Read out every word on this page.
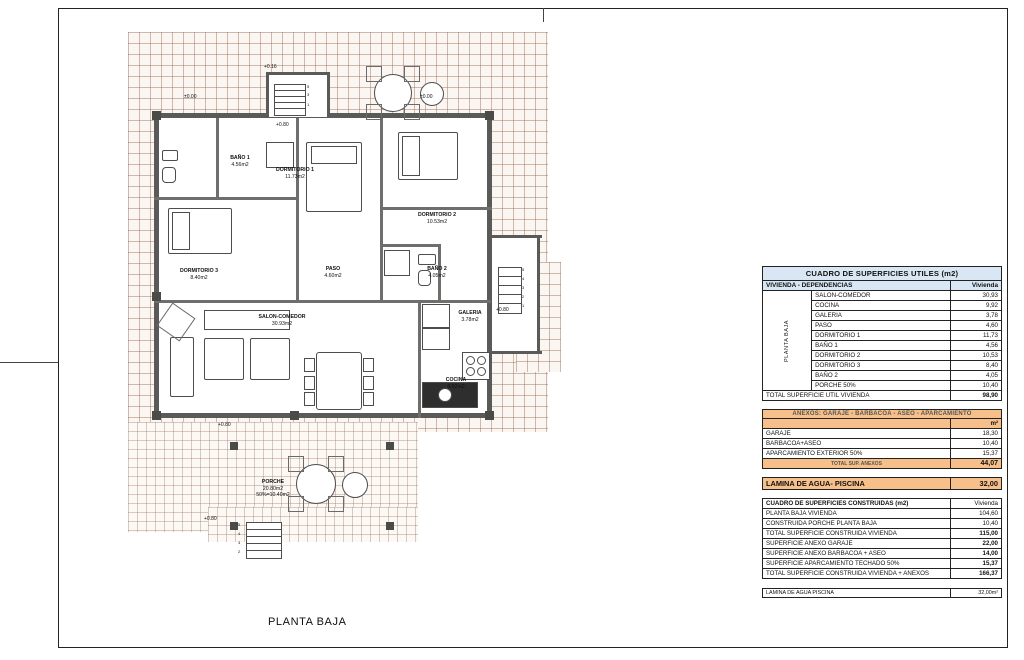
5
4
3
2
1
5
3
1
5
4
3
2
BAÑO 1
4.56m2
DORMITORIO 1
11.73m2
DORMITORIO 2
10.53m2
DORMITORIO 3
8.40m2
PASO
4.60m2
BAÑO 2
4.05m2
SALON-COMEDOR
30.93m2
GALERIA
3.78m2
COCINA
9.92m2
PORCHE
20.80m2
50%=10.40m2
+0.16
±0.00	±0.00
+0.80
+0.80
+0.80
+0.80
PLANTA BAJA
CUADRO DE SUPERFICIES UTILES (m2)		
VIVIENDA - DEPENDENCIAS		Vivienda
PLANTA BAJA	SALON-COMEDOR	30,93
	COCINA	9,92
	GALERIA	3,78
	PASO	4,60
	DORMITORIO 1	11,73
	BAÑO 1	4,56
	DORMITORIO 2	10,53
	DORMITORIO 3	8,40
	BAÑO 2	4,05
	PORCHE 50%	10,40
TOTAL SUPERFICIE UTIL VIVIENDA		98,90
ANEXOS: GARAJE - BARBACOA - ASEO - APARCAMIENTO	
	m²
GARAJE	18,30
BARBACOA+ASEO	10,40
APARCAMIENTO EXTERIOR 50%	15,37
TOTAL SUP. ANEXOS	44,07
LAMINA DE AGUA- PISCINA	32,00
CUADRO DE SUPERFICIES CONSTRUIDAS (m2)	Vivienda
PLANTA BAJA VIVIENDA	104,60
CONSTRUIDA PORCHE PLANTA BAJA	10,40
TOTAL SUPERFICIE CONSTRUIDA VIVIENDA	115,00
SUPERFICIE ANEXO GARAJE	22,00
SUPERFICIE ANEXO BARBACOA + ASEO	14,00
SUPERFICIE APARCAMIENTO TECHADO 50%	15,37
TOTAL SUPERFICIE CONSTRUIDA VIVIENDA + ANEXOS	166,37
LAMINA DE AGUA PISCINA	32,00m²
